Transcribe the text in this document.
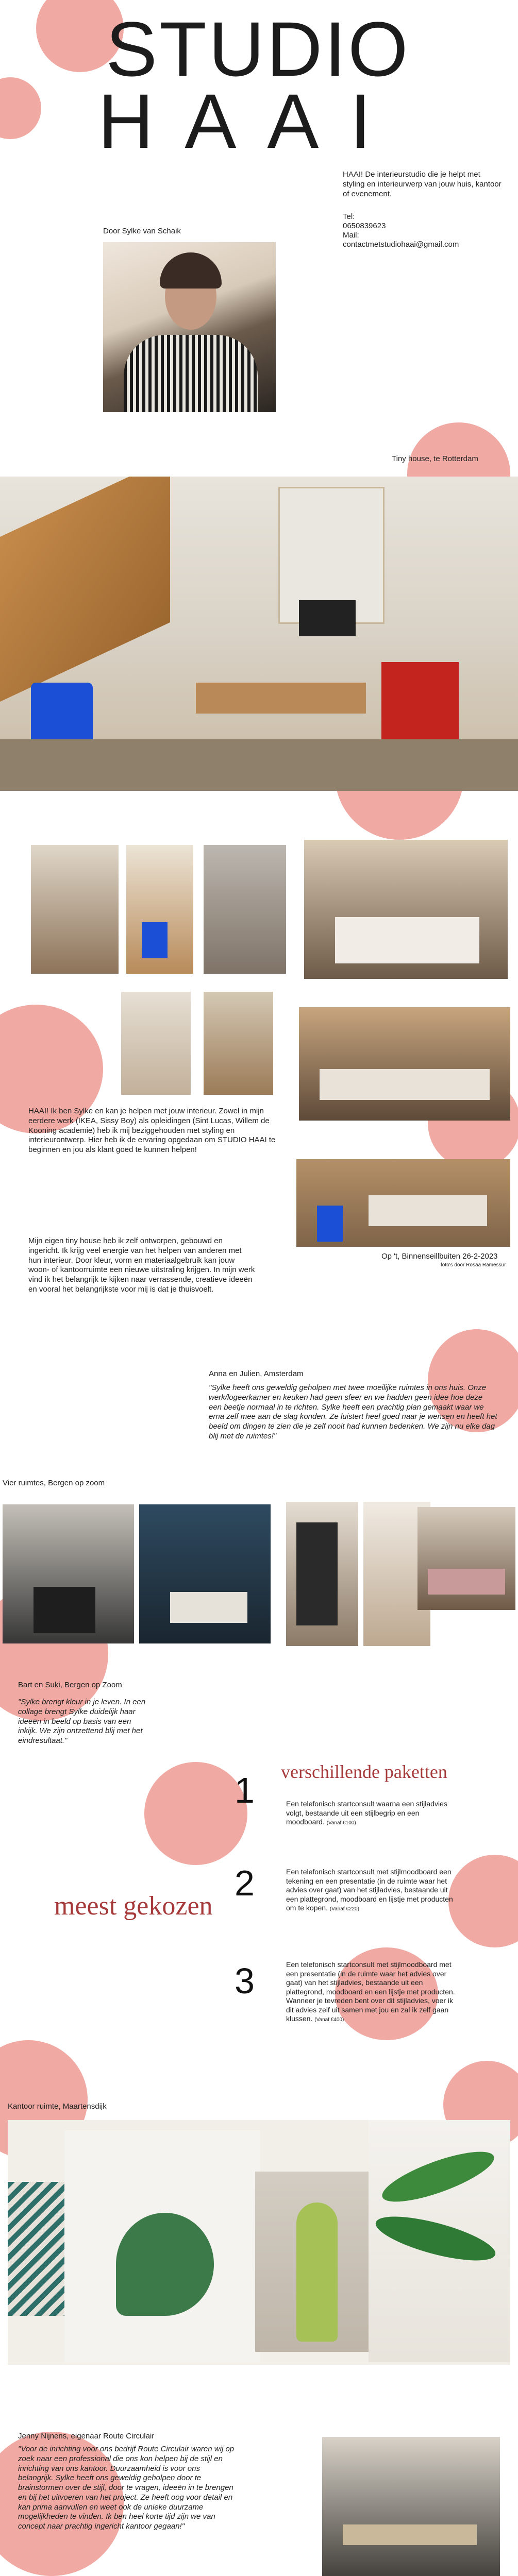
STUDIO
HAAI
HAAI! De interieurstudio die je helpt met styling en interieurwerp van jouw huis, kantoor of evenement.
Tel:
0650839623
Mail:
contactmetstudiohaai@gmail.com
Door Sylke van Schaik
Tiny house, te Rotterdam
HAAI! Ik ben Sylke en kan je helpen met jouw interieur. Zowel in mijn eerdere werk (IKEA, Sissy Boy) als opleidingen (Sint Lucas, Willem de Kooning academie) heb ik mij beziggehouden met styling en interieurontwerp. Hier heb ik de ervaring opgedaan om STUDIO HAAI te beginnen en jou als klant goed te kunnen helpen!
Mijn eigen tiny house heb ik zelf ontworpen, gebouwd en ingericht. Ik krijg veel energie van het helpen van anderen met hun interieur. Door kleur, vorm en materiaalgebruik kan jouw woon- of kantoorruimte een nieuwe uitstraling krijgen. In mijn werk vind ik het belangrijk te kijken naar verrassende, creatieve ideeën en vooral het belangrijkste voor mij is dat je thuisvoelt.
Op 't, Binnenseillbuiten 26-2-2023
foto's door Rosaa Ramessur
Anna en Julien, Amsterdam
"Sylke heeft ons geweldig geholpen met twee moeilijke ruimtes in ons huis. Onze werk/logeerkamer en keuken had geen sfeer en we hadden geen idee hoe deze een beetje normaal in te richten. Sylke heeft een prachtig plan gemaakt waar we erna zelf mee aan de slag konden. Ze luistert heel goed naar je wensen en heeft het beeld om dingen te zien die je zelf nooit had kunnen bedenken. We zijn nu elke dag blij met de ruimtes!"
Vier ruimtes, Bergen op zoom
Bart en Suki, Bergen op Zoom
"Sylke brengt kleur in je leven. In een collage brengt Sylke duidelijk haar ideeën in beeld op basis van een inkijk. We zijn ontzettend blij met het eindresultaat."
1 verschillende paketten
Een telefonisch startconsult waarna een stijladvies volgt, bestaande uit een stijlbegrip en een moodboard. (Vanaf €100)
2
meest gekozen
Een telefonisch startconsult met stijlmoodboard een tekening en een presentatie (in de ruimte waar het advies over gaat) van het stijladvies, bestaande uit een plattegrond, moodboard en lijstje met producten om te kopen. (Vanaf €220)
3	Een telefonisch startconsult met stijlmoodboard met een presentatie (in de ruimte waar het advies over gaat) van het stijladvies, bestaande uit een plattegrond, moodboard en een lijstje met producten. Wanneer je tevreden bent over dit stijladvies, voer ik dit advies zelf uit samen met jou en zal ik zelf gaan klussen. (Vanaf €400)
Kantoor ruimte, Maartensdijk
Jenny Nijnens, eigenaar Route Circulair
"Voor de inrichting voor ons bedrijf Route Circulair waren wij op zoek naar een professional die ons kon helpen bij de stijl en inrichting van ons kantoor. Duurzaamheid is voor ons belangrijk. Sylke heeft ons geweldig geholpen door te brainstormen over de stijl, door te vragen, ideeën in te brengen en bij het uitvoeren van het project. Ze heeft oog voor detail en kan prima aanvullen en weet ook de unieke duurzame mogelijkheden te vinden. Ik ben heel korte tijd zijn we van concept naar prachtig ingericht kantoor gegaan!"
